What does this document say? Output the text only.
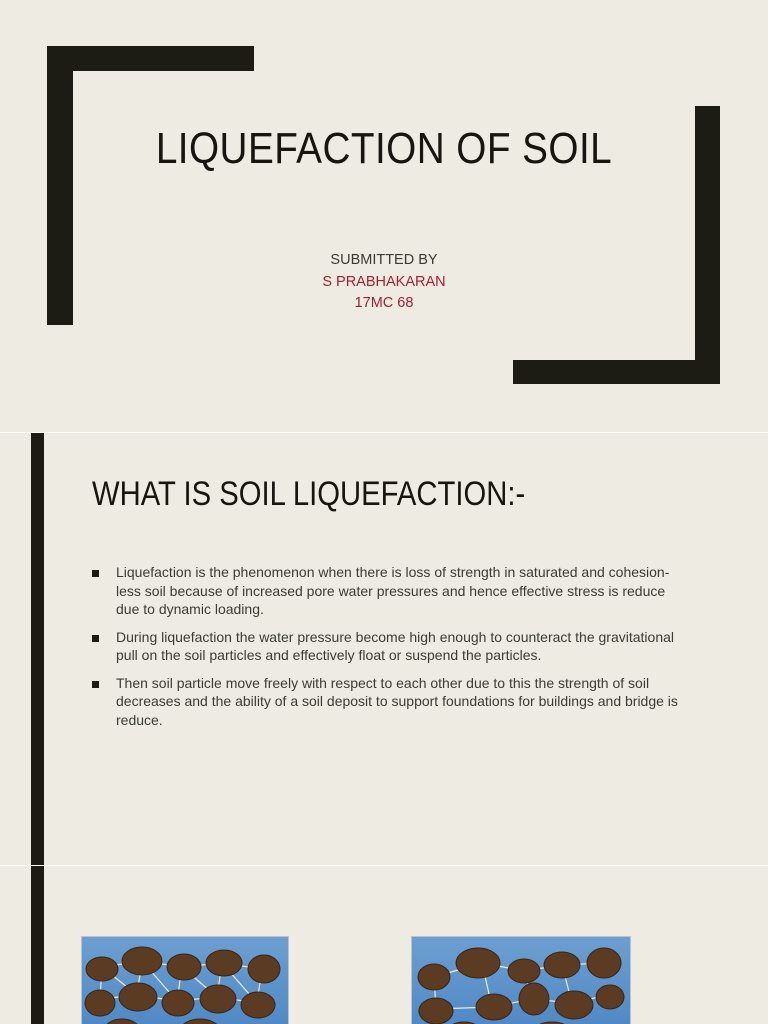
LIQUEFACTION OF SOIL
SUBMITTED BY
S PRABHAKARAN
17MC 68
WHAT IS SOIL LIQUEFACTION:-
Liquefaction is the phenomenon when there is loss of strength in saturated and cohesion-less soil because of increased pore water pressures and hence effective stress is reduce due to dynamic loading.
During liquefaction the water pressure become high enough to counteract the gravitational pull on the soil particles and effectively float or suspend the particles.
Then soil particle move freely with respect to each other due to this the strength of soil decreases and the ability of a soil deposit to support foundations for buildings and bridge is reduce.
